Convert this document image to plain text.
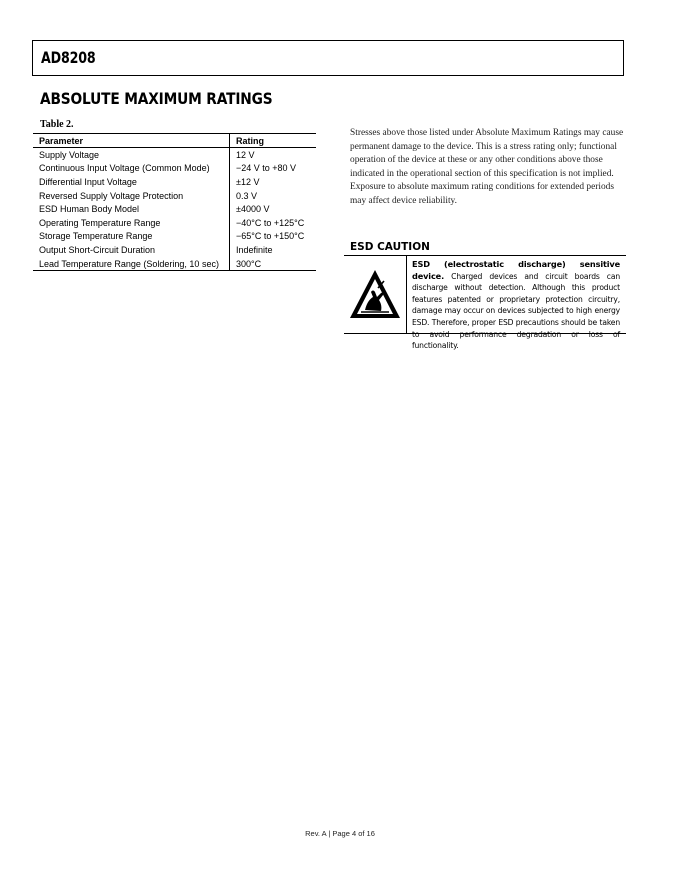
AD8208
ABSOLUTE MAXIMUM RATINGS
Table 2.
Parameter	Rating
Supply Voltage	12 V
Continuous Input Voltage (Common Mode)	−24 V to +80 V
Differential Input Voltage	±12 V
Reversed Supply Voltage Protection	0.3 V
ESD Human Body Model	±4000 V
Operating Temperature Range	−40°C to +125°C
Storage Temperature Range	−65°C to +150°C
Output Short-Circuit Duration	Indefinite
Lead Temperature Range (Soldering, 10 sec)	300°C
Stresses above those listed under Absolute Maximum Ratings may cause permanent damage to the device. This is a stress rating only; functional operation of the device at these or any other conditions above those indicated in the operational section of this specification is not implied. Exposure to absolute maximum rating conditions for extended periods may affect device reliability.
ESD CAUTION
ESD (electrostatic discharge) sensitive device. Charged devices and circuit boards can discharge without detection. Although this product features patented or proprietary protection circuitry, damage may occur on devices subjected to high energy ESD. Therefore, proper ESD precautions should be taken to avoid performance degradation or loss of functionality.
Rev. A | Page 4 of 16
